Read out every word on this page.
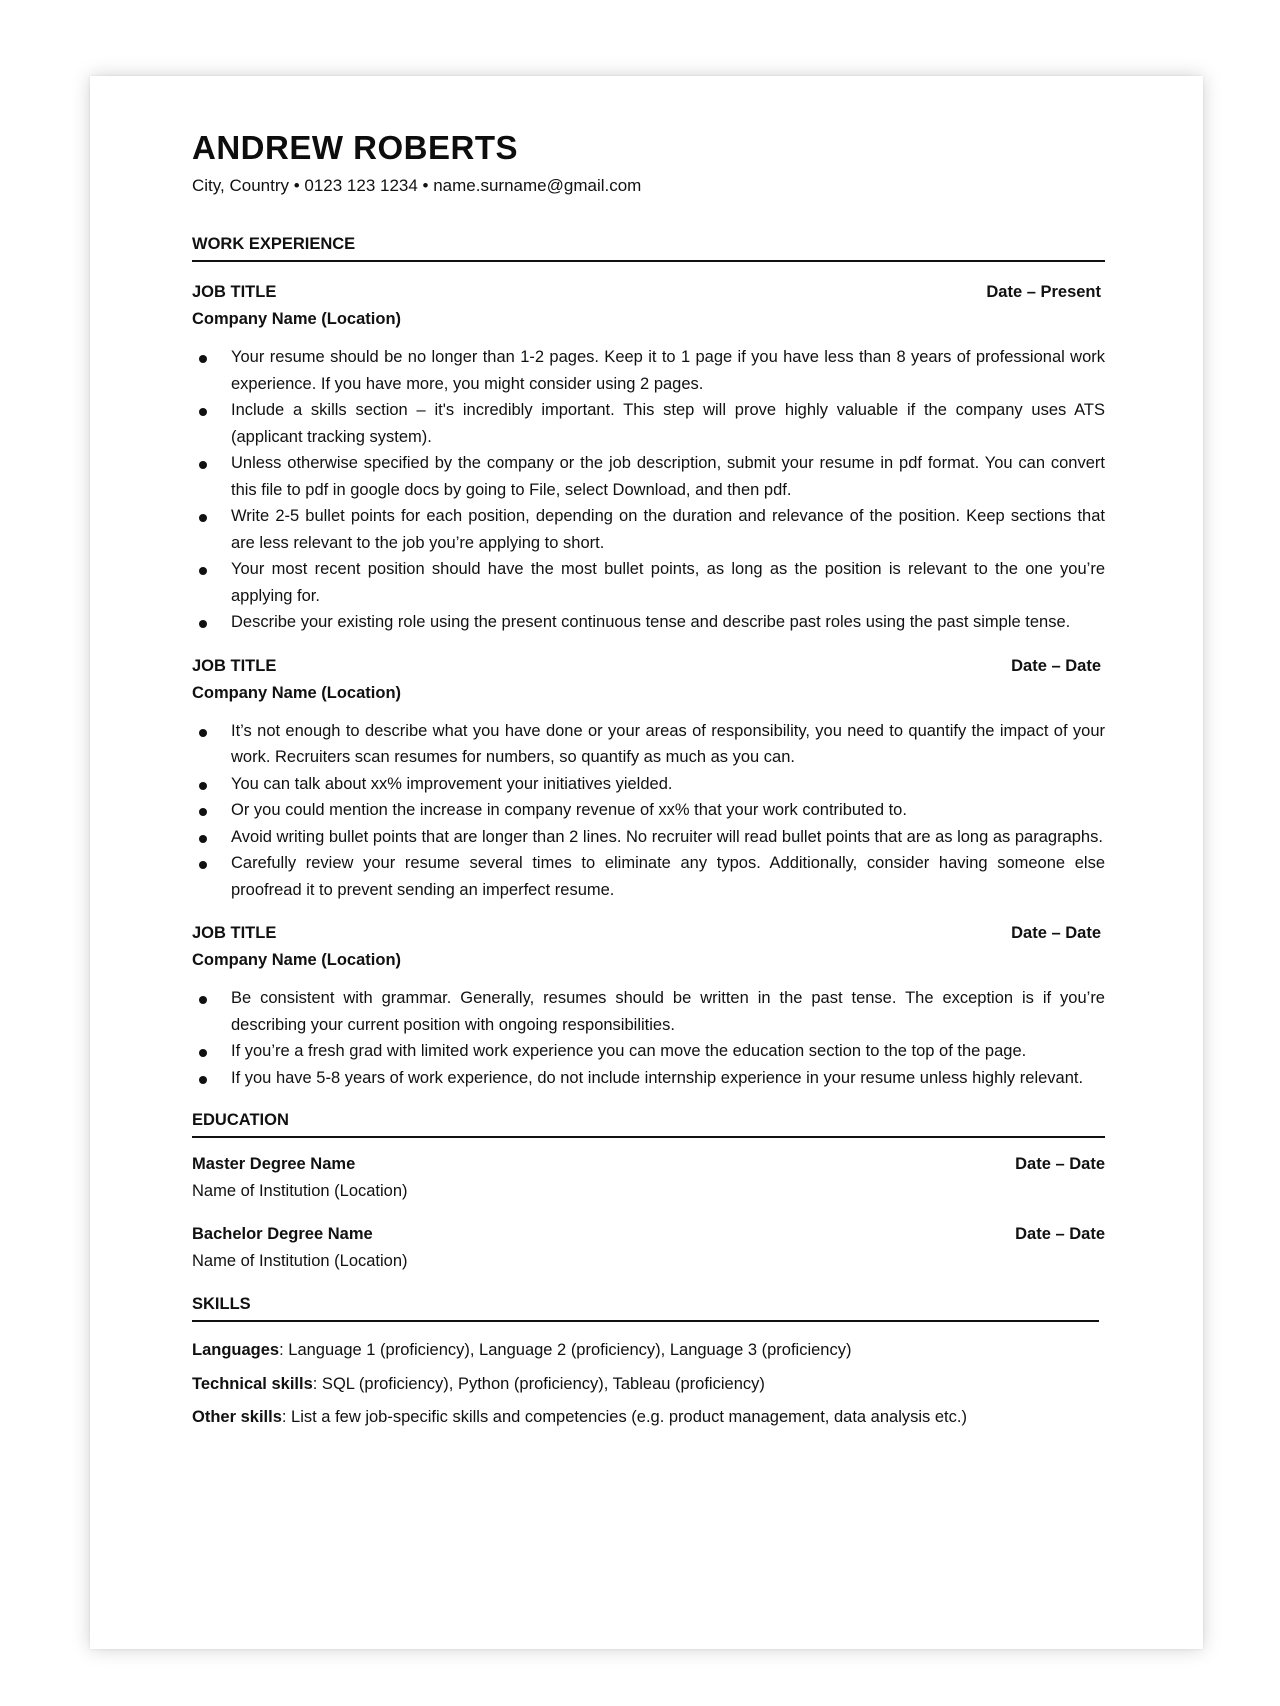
ANDREW ROBERTS
City, Country • 0123 123 1234 • name.surname@gmail.com
WORK EXPERIENCE
JOB TITLE	Date – Present
Company Name (Location)
Your resume should be no longer than 1-2 pages. Keep it to 1 page if you have less than 8 years of professional work experience. If you have more, you might consider using 2 pages.
Include a skills section – it's incredibly important. This step will prove highly valuable if the company uses ATS (applicant tracking system).
Unless otherwise specified by the company or the job description, submit your resume in pdf format. You can convert this file to pdf in google docs by going to File, select Download, and then pdf.
Write 2-5 bullet points for each position, depending on the duration and relevance of the position. Keep sections that are less relevant to the job you’re applying to short.
Your most recent position should have the most bullet points, as long as the position is relevant to the one you’re applying for.
Describe your existing role using the present continuous tense and describe past roles using the past simple tense.
JOB TITLE	Date – Date
Company Name (Location)
It’s not enough to describe what you have done or your areas of responsibility, you need to quantify the impact of your work. Recruiters scan resumes for numbers, so quantify as much as you can.
You can talk about xx% improvement your initiatives yielded.
Or you could mention the increase in company revenue of xx% that your work contributed to.
Avoid writing bullet points that are longer than 2 lines. No recruiter will read bullet points that are as long as paragraphs.
Carefully review your resume several times to eliminate any typos. Additionally, consider having someone else proofread it to prevent sending an imperfect resume.
JOB TITLE	Date – Date
Company Name (Location)
Be consistent with grammar. Generally, resumes should be written in the past tense. The exception is if you’re describing your current position with ongoing responsibilities.
If you’re a fresh grad with limited work experience you can move the education section to the top of the page.
If you have 5-8 years of work experience, do not include internship experience in your resume unless highly relevant.
EDUCATION
Master Degree Name	Date – Date
Name of Institution (Location)
Bachelor Degree Name	Date – Date
Name of Institution (Location)
SKILLS
Languages: Language 1 (proficiency), Language 2 (proficiency), Language 3 (proficiency)
Technical skills: SQL (proficiency), Python (proficiency), Tableau (proficiency)
Other skills: List a few job-specific skills and competencies (e.g. product management, data analysis etc.)
